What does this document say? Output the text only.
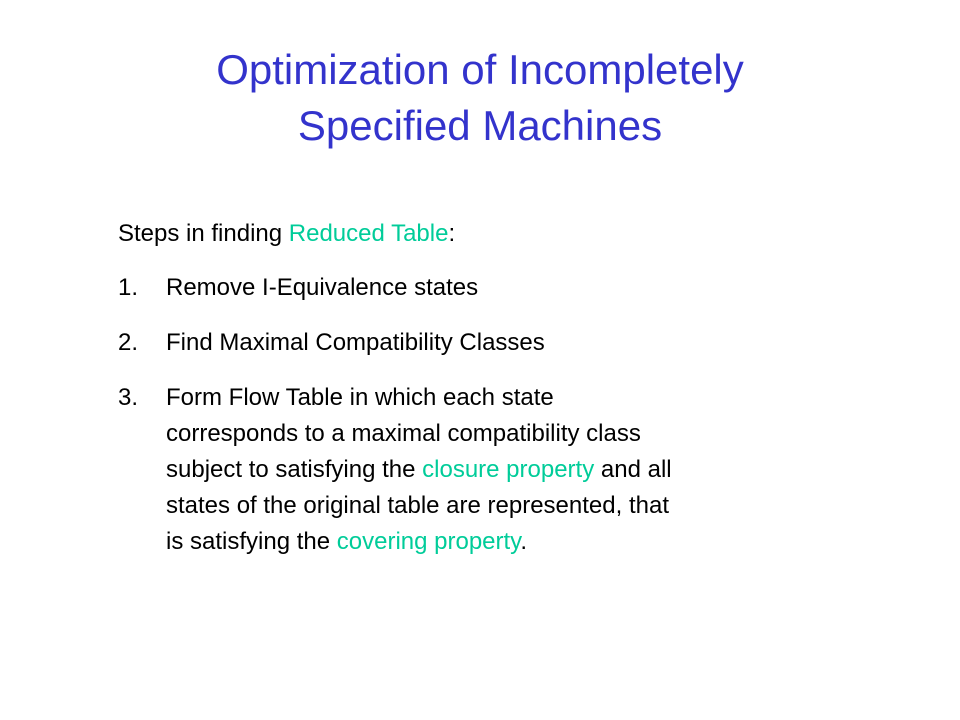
Optimization of Incompletely
Specified Machines
Steps in finding Reduced Table:
1. Remove I-Equivalence states
2. Find Maximal Compatibility Classes
3. Form Flow Table in which each state
corresponds to a maximal compatibility class
subject to satisfying the closure property and all
states of the original table are represented, that
is satisfying the covering property.
